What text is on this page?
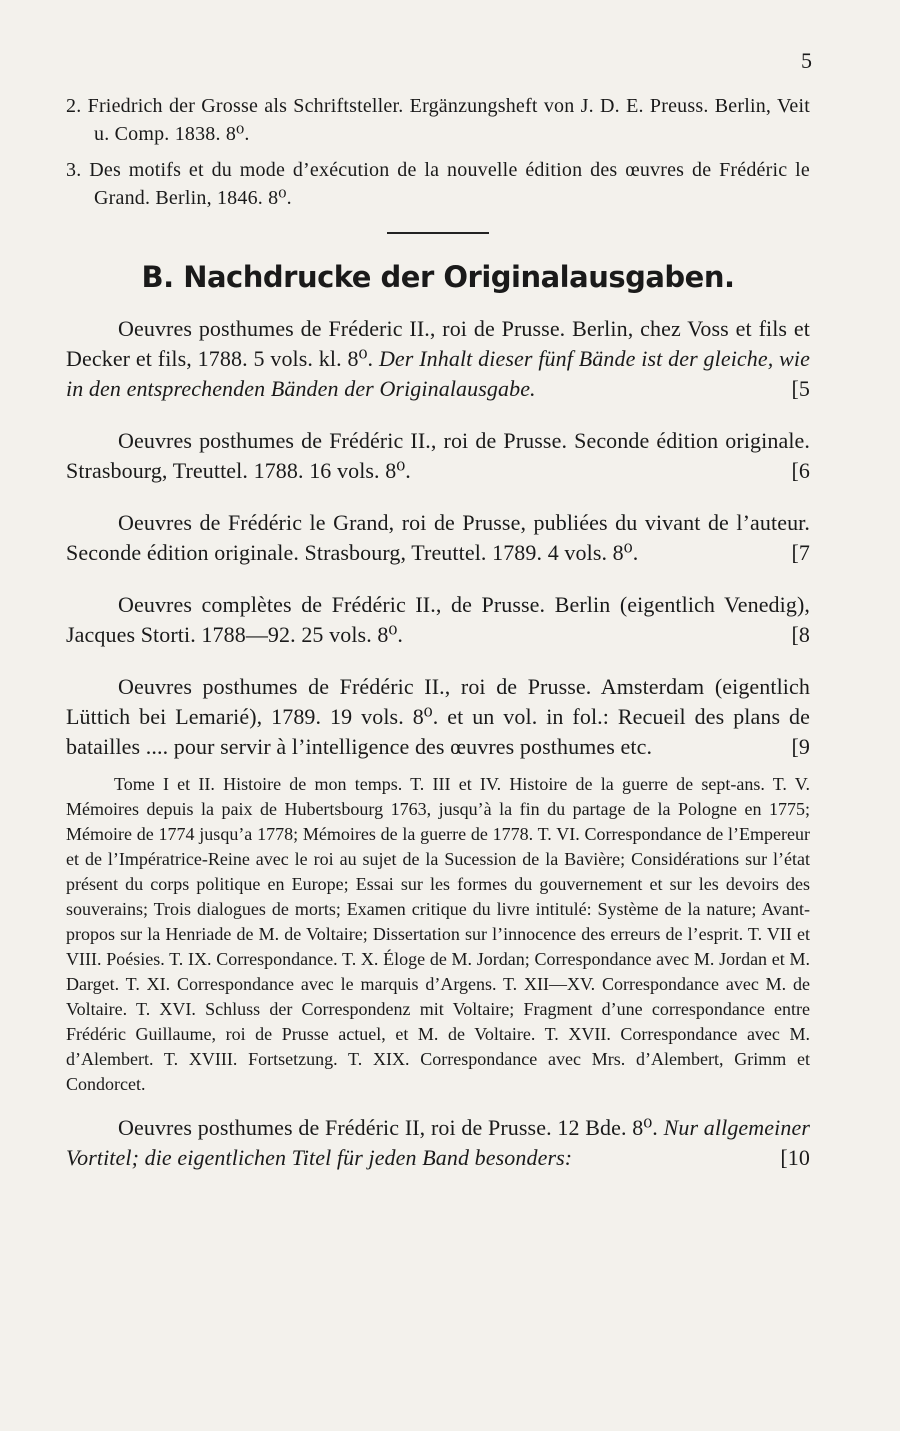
5
2. Friedrich der Grosse als Schriftsteller. Ergänzungsheft von J. D. E. Preuss. Berlin, Veit u. Comp. 1838. 8⁰.
3. Des motifs et du mode d’exécution de la nouvelle édition des œuvres de Frédéric le Grand. Berlin, 1846. 8⁰.
B. Nachdrucke der Originalausgaben.
Oeuvres posthumes de Fréderic II., roi de Prusse. Berlin, chez Voss et fils et Decker et fils, 1788. 5 vols. kl. 8⁰. Der Inhalt dieser fünf Bände ist der gleiche, wie in den entsprechenden Bänden der Originalausgabe.	[5
Oeuvres posthumes de Frédéric II., roi de Prusse. Seconde édition originale. Strasbourg, Treuttel. 1788. 16 vols. 8⁰.	[6
Oeuvres de Frédéric le Grand, roi de Prusse, publiées du vivant de l’auteur. Seconde édition originale. Strasbourg, Treuttel. 1789. 4 vols. 8⁰.	[7
Oeuvres complètes de Frédéric II., de Prusse. Berlin (eigentlich Venedig), Jacques Storti. 1788—92. 25 vols. 8⁰.	[8
Oeuvres posthumes de Frédéric II., roi de Prusse. Amsterdam (eigentlich Lüttich bei Lemarié), 1789. 19 vols. 8⁰. et un vol. in fol.: Recueil des plans de batailles .... pour servir à l’intelligence des œuvres posthumes etc.	[9
Tome I et II. Histoire de mon temps. T. III et IV. Histoire de la guerre de sept-ans. T. V. Mémoires depuis la paix de Hubertsbourg 1763, jusqu’à la fin du partage de la Pologne en 1775; Mémoire de 1774 jusqu’a 1778; Mémoires de la guerre de 1778. T. VI. Correspondance de l’Empereur et de l’Impératrice-Reine avec le roi au sujet de la Sucession de la Bavière; Considérations sur l’état présent du corps politique en Europe; Essai sur les formes du gouvernement et sur les devoirs des souverains; Trois dialogues de morts; Examen critique du livre intitulé: Système de la nature; Avant-propos sur la Henriade de M. de Voltaire; Dissertation sur l’innocence des erreurs de l’esprit. T. VII et VIII. Poésies. T. IX. Correspondance. T. X. Éloge de M. Jordan; Correspondance avec M. Jordan et M. Darget. T. XI. Correspondance avec le marquis d’Argens. T. XII—XV. Correspondance avec M. de Voltaire. T. XVI. Schluss der Correspondenz mit Voltaire; Fragment d’une correspondance entre Frédéric Guillaume, roi de Prusse actuel, et M. de Voltaire. T. XVII. Correspondance avec M. d’Alembert. T. XVIII. Fortsetzung. T. XIX. Correspondance avec Mrs. d’Alembert, Grimm et Condorcet.
Oeuvres posthumes de Frédéric II, roi de Prusse. 12 Bde. 8⁰. Nur allgemeiner Vortitel; die eigentlichen Titel für jeden Band besonders:	[10
